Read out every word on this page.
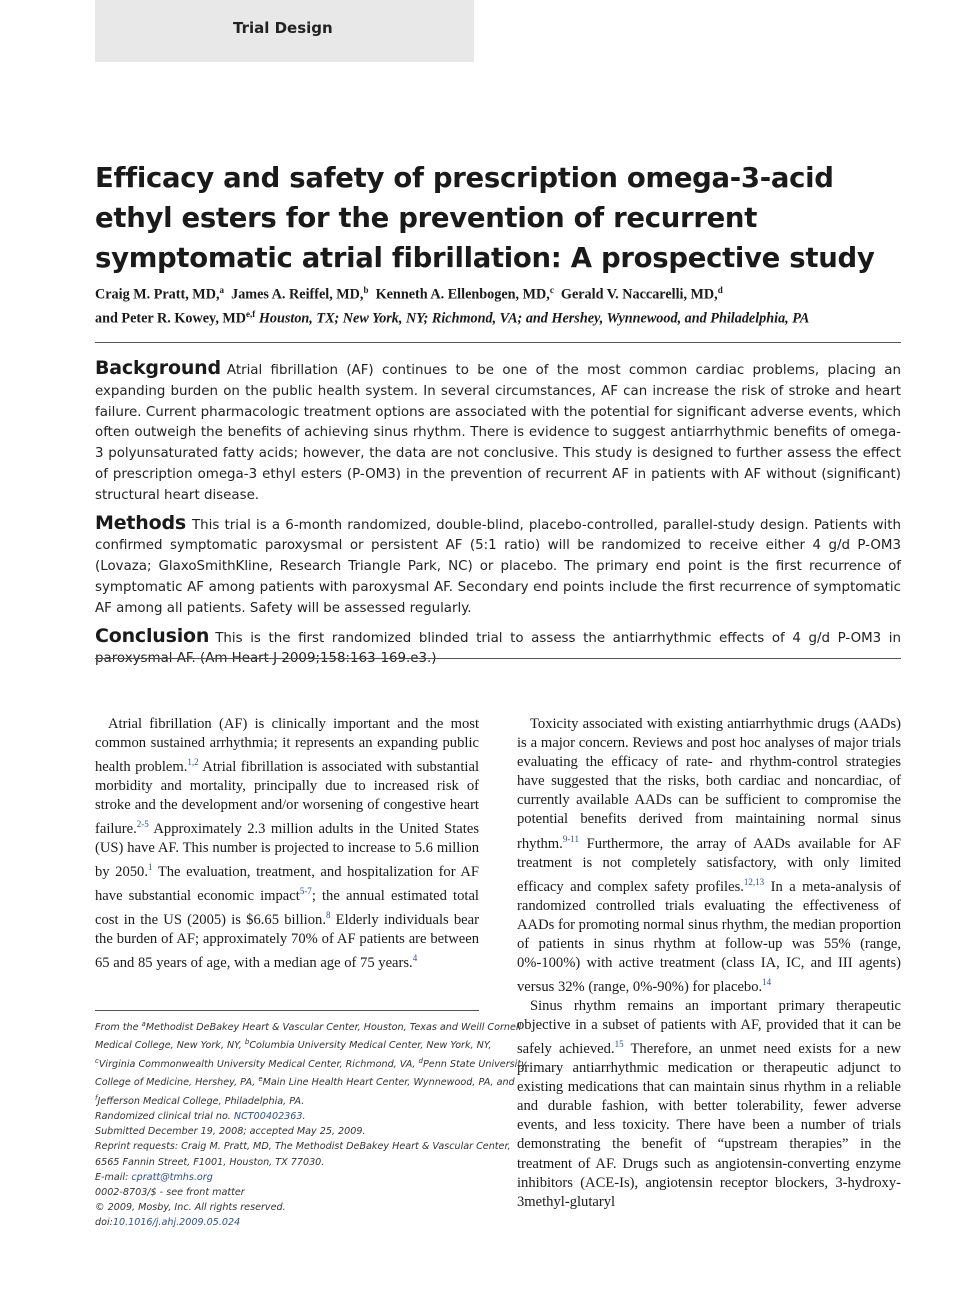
Trial Design
Efficacy and safety of prescription omega-3-acid ethyl esters for the prevention of recurrent symptomatic atrial fibrillation: A prospective study
Craig M. Pratt, MD,$^a$ James A. Reiffel, MD,$^b$ Kenneth A. Ellenbogen, MD,$^c$ Gerald V. Naccarelli, MD,$^d$
and Peter R. Kowey, MD$^{e,f}$ Houston, TX; New York, NY; Richmond, VA; and Hershey, Wynnewood, and Philadelphia, PA

Background Atrial fibrillation (AF) continues to be one of the most common cardiac problems, placing an expanding burden on the public health system. In several circumstances, AF can increase the risk of stroke and heart failure. Current pharmacologic treatment options are associated with the potential for significant adverse events, which often outweigh the benefits of achieving sinus rhythm. There is evidence to suggest antiarrhythmic benefits of omega-3 polyunsaturated fatty acids; however, the data are not conclusive. This study is designed to further assess the effect of prescription omega-3 ethyl esters (P-OM3) in the prevention of recurrent AF in patients with AF without (significant) structural heart disease.

Methods This trial is a 6-month randomized, double-blind, placebo-controlled, parallel-study design. Patients with confirmed symptomatic paroxysmal or persistent AF (5:1 ratio) will be randomized to receive either 4 g/d P-OM3 (Lovaza; GlaxoSmithKline, Research Triangle Park, NC) or placebo. The primary end point is the first recurrence of symptomatic AF among patients with paroxysmal AF. Secondary end points include the first recurrence of symptomatic AF among all patients. Safety will be assessed regularly.

Conclusion This is the first randomized blinded trial to assess the antiarrhythmic effects of 4 g/d P-OM3 in paroxysmal AF. (Am Heart J 2009;158:163-169.e3.)

Atrial fibrillation (AF) is clinically important and the most common sustained arrhythmia; it represents an expanding public health problem.$^{1,2}$ Atrial fibrillation is associated with substantial morbidity and mortality, principally due to increased risk of stroke and the development and/or worsening of congestive heart failure.$^{2-5}$ Approximately 2.3 million adults in the United States (US) have AF. This number is projected to increase to 5.6 million by 2050.$^1$ The evaluation, treatment, and hospitalization for AF have substantial economic impact$^{5-7}$; the annual estimated total cost in the US (2005) is $6.65 billion.$^8$ Elderly individuals bear the burden of AF; approximately 70% of AF patients are between 65 and 85 years of age, with a median age of 75 years.$^4$

Toxicity associated with existing antiarrhythmic drugs (AADs) is a major concern. Reviews and post hoc analyses of major trials evaluating the efficacy of rate- and rhythm-control strategies have suggested that the risks, both cardiac and noncardiac, of currently available AADs can be sufficient to compromise the potential benefits derived from maintaining normal sinus rhythm.$^{9-11}$ Furthermore, the array of AADs available for AF treatment is not completely satisfactory, with only limited efficacy and complex safety profiles.$^{12,13}$ In a meta-analysis of randomized controlled trials evaluating the effectiveness of AADs for promoting normal sinus rhythm, the median proportion of patients in sinus rhythm at follow-up was 55% (range, 0%-100%) with active treatment (class IA, IC, and III agents) versus 32% (range, 0%-90%) for placebo.$^{14}$

Sinus rhythm remains an important primary therapeutic objective in a subset of patients with AF, provided that it can be safely achieved.$^{15}$ Therefore, an unmet need exists for a new primary antiarrhythmic medication or therapeutic adjunct to existing medications that can maintain sinus rhythm in a reliable and durable fashion, with better tolerability, fewer adverse events, and less toxicity. There have been a number of trials demonstrating the benefit of “upstream therapies” in the treatment of AF. Drugs such as angiotensin-converting enzyme inhibitors (ACE-Is), angiotensin receptor blockers, 3-hydroxy-3methyl-glutaryl

From the $^a$Methodist DeBakey Heart & Vascular Center, Houston, Texas and Weill Cornell
Medical College, New York, NY, $^b$Columbia University Medical Center, New York, NY,
$^c$Virginia Commonwealth University Medical Center, Richmond, VA, $^d$Penn State University
College of Medicine, Hershey, PA, $^e$Main Line Health Heart Center, Wynnewood, PA, and
$^f$Jefferson Medical College, Philadelphia, PA.
Randomized clinical trial no. NCT00402363.
Submitted December 19, 2008; accepted May 25, 2009.
Reprint requests: Craig M. Pratt, MD, The Methodist DeBakey Heart & Vascular Center,
6565 Fannin Street, F1001, Houston, TX 77030.
E-mail: cpratt@tmhs.org
0002-8703/$ - see front matter
© 2009, Mosby, Inc. All rights reserved.
doi:10.1016/j.ahj.2009.05.024
